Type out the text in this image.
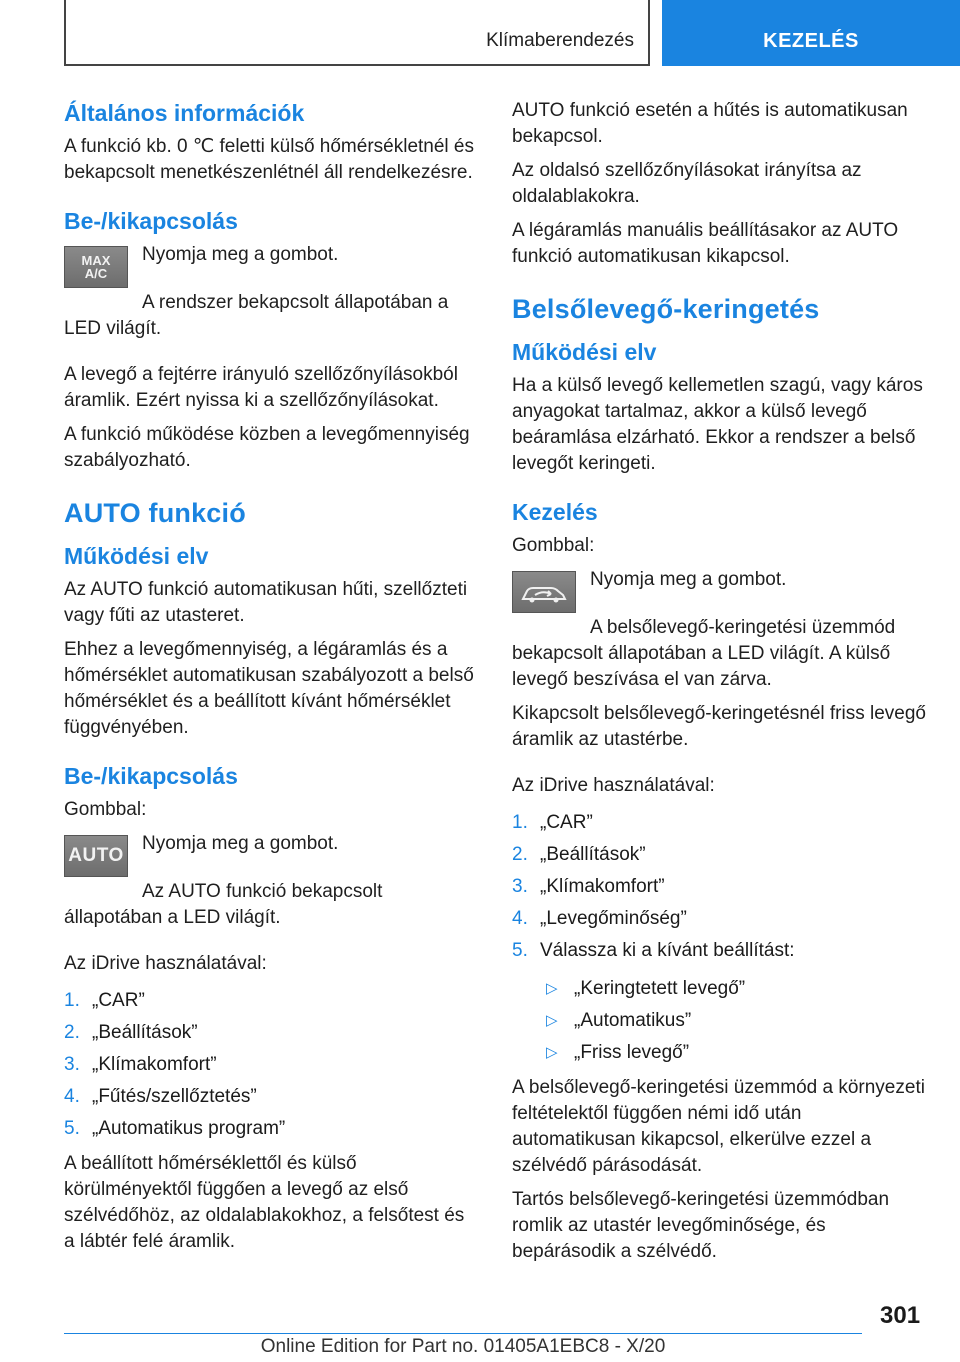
Klímaberendezés	KEZELÉS
Általános információk

A funkció kb. 0 ℃ feletti külső hőmérsékletnél és bekapcsolt menetkészenlétnél áll rendelkezésre.

Be-/kikapcsolás
MAX
A/C

Nyomja meg a gombot.

A rendszer bekapcsolt állapotában a LED világít.

A levegő a fejtérre irányuló szellőzőnyílásokból áramlik. Ezért nyissa ki a szellőzőnyílásokat.

A funkció működése közben a levegőmennyiség szabályozható.

AUTO funkció
Működési elv

Az AUTO funkció automatikusan hűti, szellőzteti vagy fűti az utasteret.

Ehhez a levegőmennyiség, a légáramlás és a hőmérséklet automatikusan szabályozott a belső hőmérséklet és a beállított kívánt hőmérséklet függvényében.

Be-/kikapcsolás

Gombbal:

AUTO

Nyomja meg a gombot.

Az AUTO funkció bekapcsolt állapotában a LED világít.

Az iDrive használatával:

1. „CAR”
2. „Beállítások”
3. „Klímakomfort”
4. „Fűtés/szellőztetés”
5. „Automatikus program”

A beállított hőmérséklettől és külső körülményektől függően a levegő az első szélvédőhöz, az oldalablakokhoz, a felsőtest és a lábtér felé áramlik.

AUTO funkció esetén a hűtés is automatikusan bekapcsol.

Az oldalsó szellőzőnyílásokat irányítsa az oldalablakokra.

A légáramlás manuális beállításakor az AUTO funkció automatikusan kikapcsol.

Belsőlevegő-keringetés
Működési elv

Ha a külső levegő kellemetlen szagú, vagy káros anyagokat tartalmaz, akkor a külső levegő beáramlása elzárható. Ekkor a rendszer a belső levegőt keringeti.

Kezelés

Gombbal:

Nyomja meg a gombot.

A belsőlevegő-keringetési üzemmód bekapcsolt állapotában a LED világít. A külső levegő beszívása el van zárva.

Kikapcsolt belsőlevegő-keringetésnél friss levegő áramlik az utastérbe.

Az iDrive használatával:

1. „CAR”
2. „Beállítások”
3. „Klímakomfort”
4. „Levegőminőség”
5. Válassza ki a kívánt beállítást:
▷ „Keringtetett levegő”
▷ „Automatikus”
▷ „Friss levegő”

A belsőlevegő-keringetési üzemmód a környezeti feltételektől függően némi idő után automatikusan kikapcsol, elkerülve ezzel a szélvédő párásodását.

Tartós belsőlevegő-keringetési üzemmódban romlik az utastér levegőminősége, és bepárásodik a szélvédő.

301
Online Edition for Part no. 01405A1EBC8 - X/20
